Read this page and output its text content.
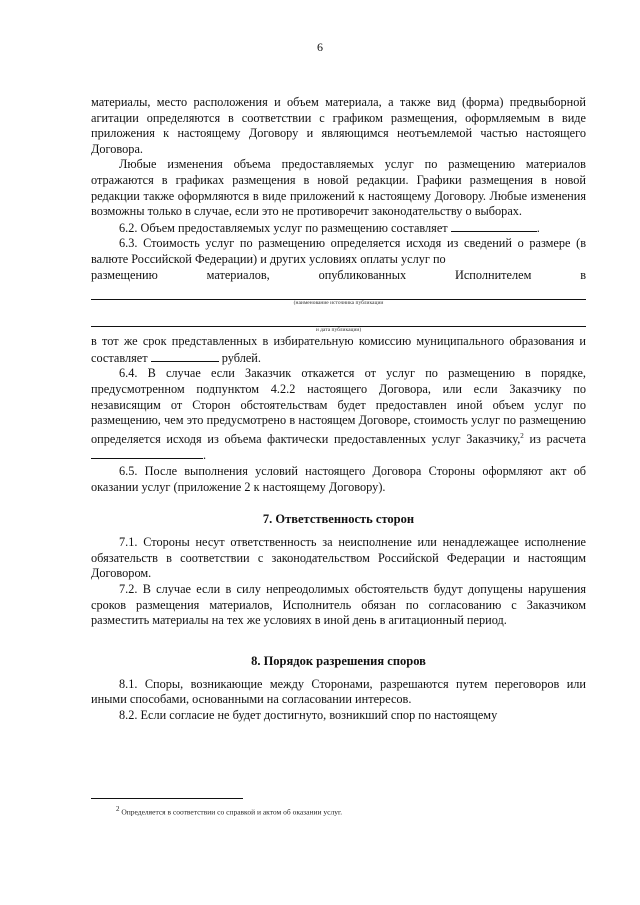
6

материалы, место расположения и объем материала, а также вид (форма) предвыборной агитации определяются в соответствии с графиком размещения, оформляемым в виде приложения к настоящему Договору и являющимся неотъемлемой частью настоящего Договора.

Любые изменения объема предоставляемых услуг по размещению материалов отражаются в графиках размещения в новой редакции. Графики размещения в новой редакции также оформляются в виде приложений к настоящему Договору. Любые изменения возможны только в случае, если это не противоречит законодательству о выборах.

6.2. Объем предоставляемых услуг по размещению составляет	.

6.3. Стоимость услуг по размещению определяется исходя из сведений о размере (в валюте Российской Федерации) и других условиях оплаты услуг по

размещению	материалов,	опубликованных	Исполнителем	в
(наименование источника публикации
и дата публикации)

в тот же срок представленных в избирательную комиссию муниципального образования и составляет	рублей.

6.4. В случае если Заказчик откажется от услуг по размещению в порядке, предусмотренном подпунктом 4.2.2 настоящего Договора, или если Заказчику по независящим от Сторон обстоятельствам будет предоставлен иной объем услуг по размещению, чем это предусмотрено в настоящем Договоре, стоимость услуг по размещению определяется исходя из объема фактически предоставленных услуг Заказчику,$^2$ из расчета .

6.5. После выполнения условий настоящего Договора Стороны оформляют акт об оказании услуг (приложение 2 к настоящему Договору).

7. Ответственность сторон

7.1. Стороны несут ответственность за неисполнение или ненадлежащее исполнение обязательств в соответствии с законодательством Российской Федерации и настоящим Договором.

7.2. В случае если в силу непреодолимых обстоятельств будут допущены нарушения сроков размещения материалов, Исполнитель обязан по согласованию с Заказчиком разместить материалы на тех же условиях в иной день в агитационный период.

8. Порядок разрешения споров

8.1. Споры, возникающие между Сторонами, разрешаются путем переговоров или иными способами, основанными на согласовании интересов.

8.2. Если согласие не будет достигнуто, возникший спор по настоящему

$^2$ Определяется в соответствии со справкой и актом об оказании услуг.
